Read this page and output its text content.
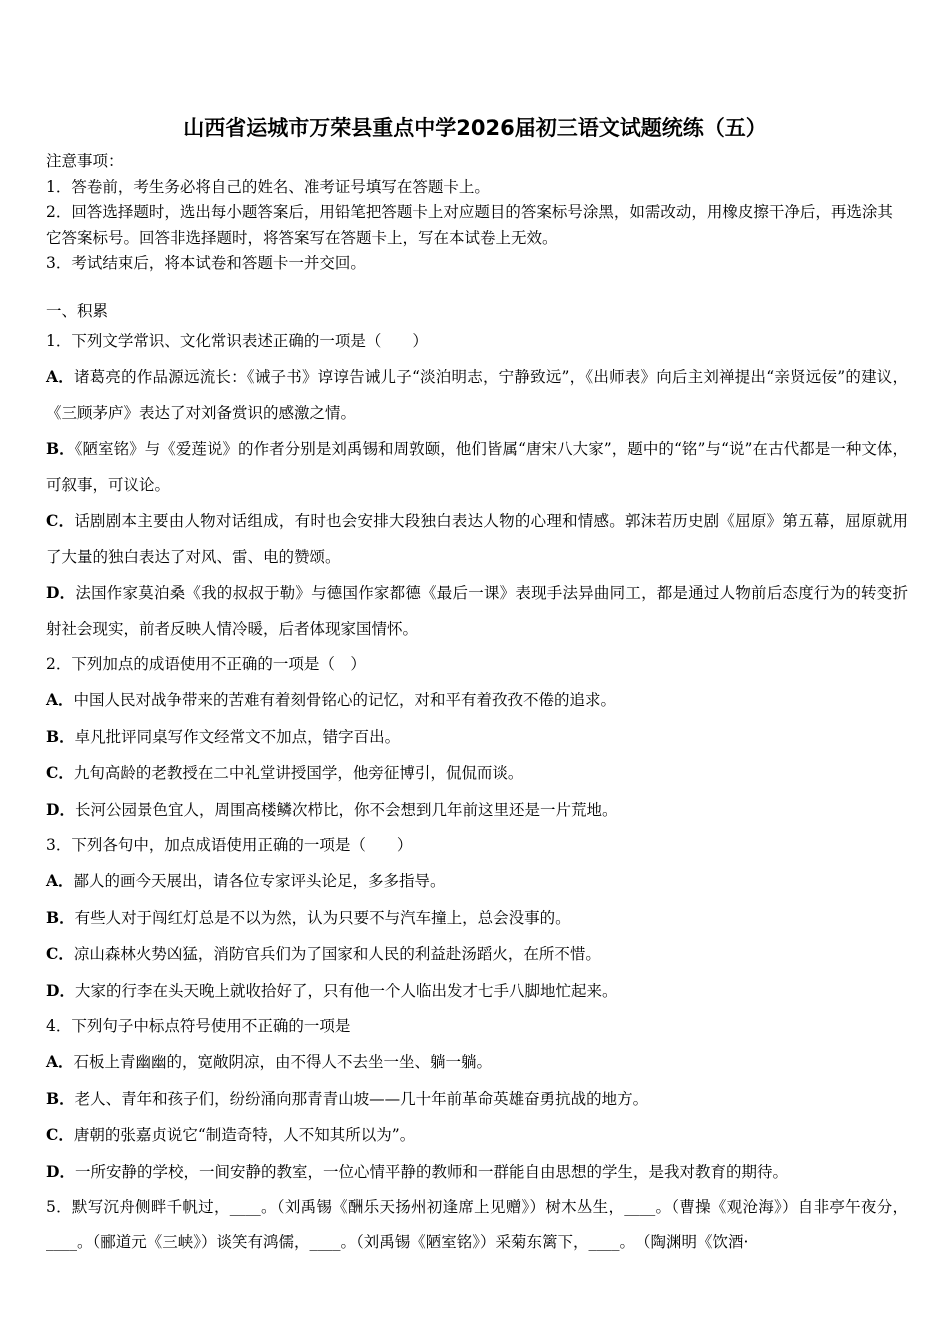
山西省运城市万荣县重点中学2026届初三语文试题统练（五）
注意事项：
1．答卷前，考生务必将自己的姓名、准考证号填写在答题卡上。
2．回答选择题时，选出每小题答案后，用铅笔把答题卡上对应题目的答案标号涂黑，如需改动，用橡皮擦干净后，再选涂其它答案标号。回答非选择题时，将答案写在答题卡上，写在本试卷上无效。
3．考试结束后，将本试卷和答题卡一并交回。
一、积累
1．下列文学常识、文化常识表述正确的一项是（　　）
A．诸葛亮的作品源远流长：《诫子书》谆谆告诫儿子“淡泊明志，宁静致远”，《出师表》向后主刘禅提出“亲贤远佞”的建议，《三顾茅庐》表达了对刘备赏识的感激之情。
B．《陋室铭》与《爱莲说》的作者分别是刘禹锡和周敦颐，他们皆属“唐宋八大家”，题中的“铭”与“说”在古代都是一种文体，可叙事，可议论。
C．话剧剧本主要由人物对话组成，有时也会安排大段独白表达人物的心理和情感。郭沫若历史剧《屈原》第五幕，屈原就用了大量的独白表达了对风、雷、电的赞颂。
D．法国作家莫泊桑《我的叔叔于勒》与德国作家都德《最后一课》表现手法异曲同工，都是通过人物前后态度行为的转变折射社会现实，前者反映人情冷暖，后者体现家国情怀。
2．下列加点的成语使用不正确的一项是（　）
A．中国人民对战争带来的苦难有着刻骨铭心的记忆，对和平有着孜孜不倦的追求。
B．卓凡批评同桌写作文经常文不加点，错字百出。
C．九旬高龄的老教授在二中礼堂讲授国学，他旁征博引，侃侃而谈。
D．长河公园景色宜人，周围高楼鳞次栉比，你不会想到几年前这里还是一片荒地。
3．下列各句中，加点成语使用正确的一项是（　　）
A．鄙人的画今天展出，请各位专家评头论足，多多指导。
B．有些人对于闯红灯总是不以为然，认为只要不与汽车撞上，总会没事的。
C．凉山森林火势凶猛，消防官兵们为了国家和人民的利益赴汤蹈火，在所不惜。
D．大家的行李在头天晚上就收拾好了，只有他一个人临出发才七手八脚地忙起来。
4．下列句子中标点符号使用不正确的一项是
A．石板上青幽幽的，宽敞阴凉，由不得人不去坐一坐、躺一躺。
B．老人、青年和孩子们，纷纷涌向那青青山坡——几十年前革命英雄奋勇抗战的地方。
C．唐朝的张嘉贞说它“制造奇特，人不知其所以为”。
D．一所安静的学校，一间安静的教室，一位心情平静的教师和一群能自由思想的学生，是我对教育的期待。
5．默写沉舟侧畔千帆过，____。（刘禹锡《酬乐天扬州初逢席上见赠》）树木丛生，____。（曹操《观沧海》）自非亭午夜分，____。（郦道元《三峡》）谈笑有鸿儒，____。（刘禹锡《陋室铭》）采菊东篱下，____。　（陶渊明《饮酒·
